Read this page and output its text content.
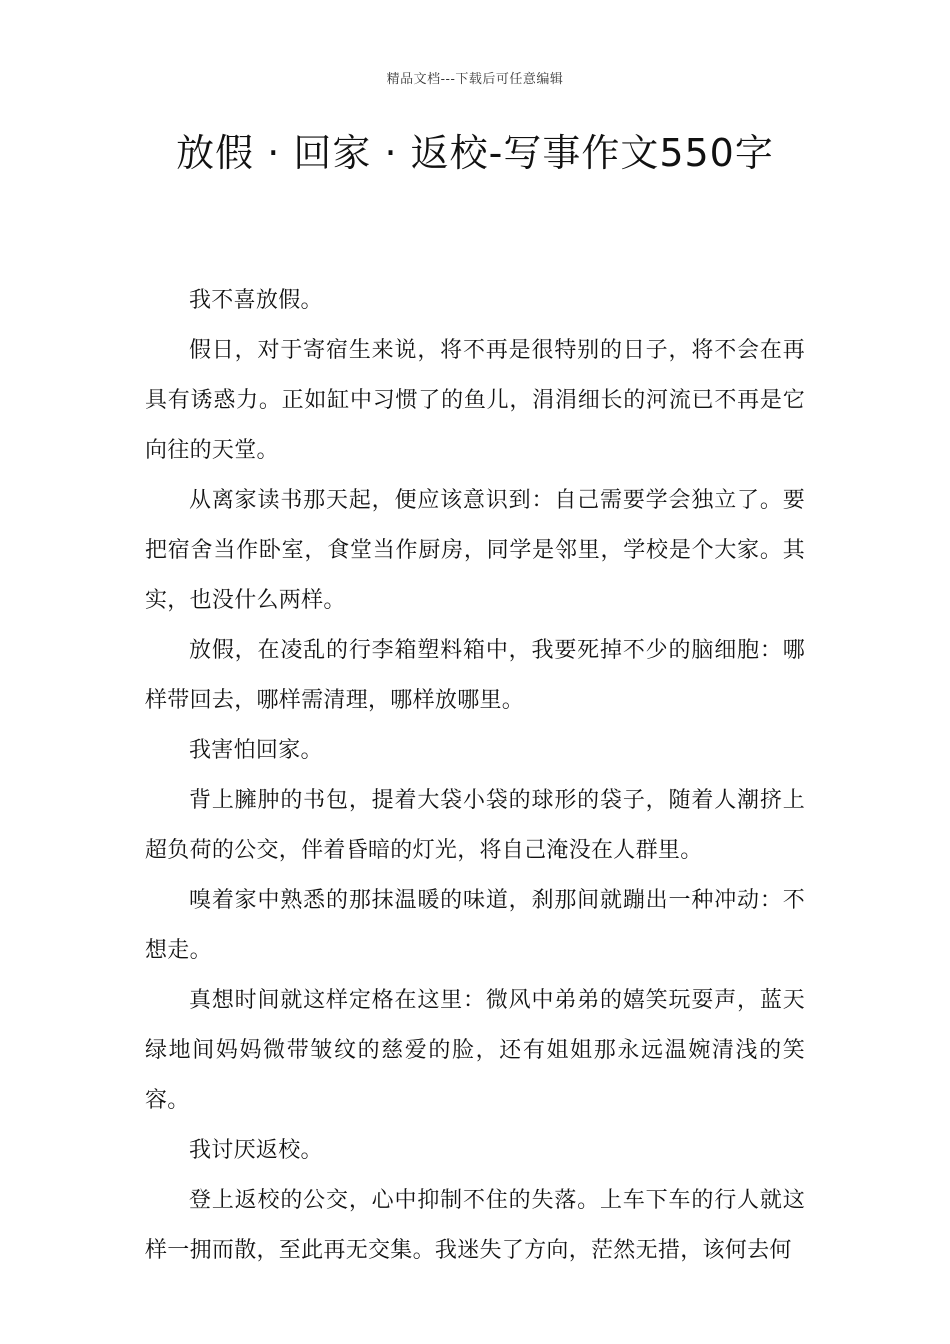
精品文档---下载后可任意编辑
放假 · 回家 · 返校-写事作文550字

我不喜放假。

假日，对于寄宿生来说，将不再是很特别的日子，将不会在再具有诱惑力。正如缸中习惯了的鱼儿，涓涓细长的河流已不再是它向往的天堂。

从离家读书那天起，便应该意识到：自己需要学会独立了。要把宿舍当作卧室，食堂当作厨房，同学是邻里，学校是个大家。其实，也没什么两样。

放假，在凌乱的行李箱塑料箱中，我要死掉不少的脑细胞：哪样带回去，哪样需清理，哪样放哪里。

我害怕回家。

背上臃肿的书包，提着大袋小袋的球形的袋子，随着人潮挤上超负荷的公交，伴着昏暗的灯光，将自己淹没在人群里。

嗅着家中熟悉的那抹温暖的味道，刹那间就蹦出一种冲动：不想走。

真想时间就这样定格在这里：微风中弟弟的嬉笑玩耍声，蓝天绿地间妈妈微带皱纹的慈爱的脸，还有姐姐那永远温婉清浅的笑容。

我讨厌返校。

登上返校的公交，心中抑制不住的失落。上车下车的行人就这样一拥而散，至此再无交集。我迷失了方向，茫然无措，该何去何
